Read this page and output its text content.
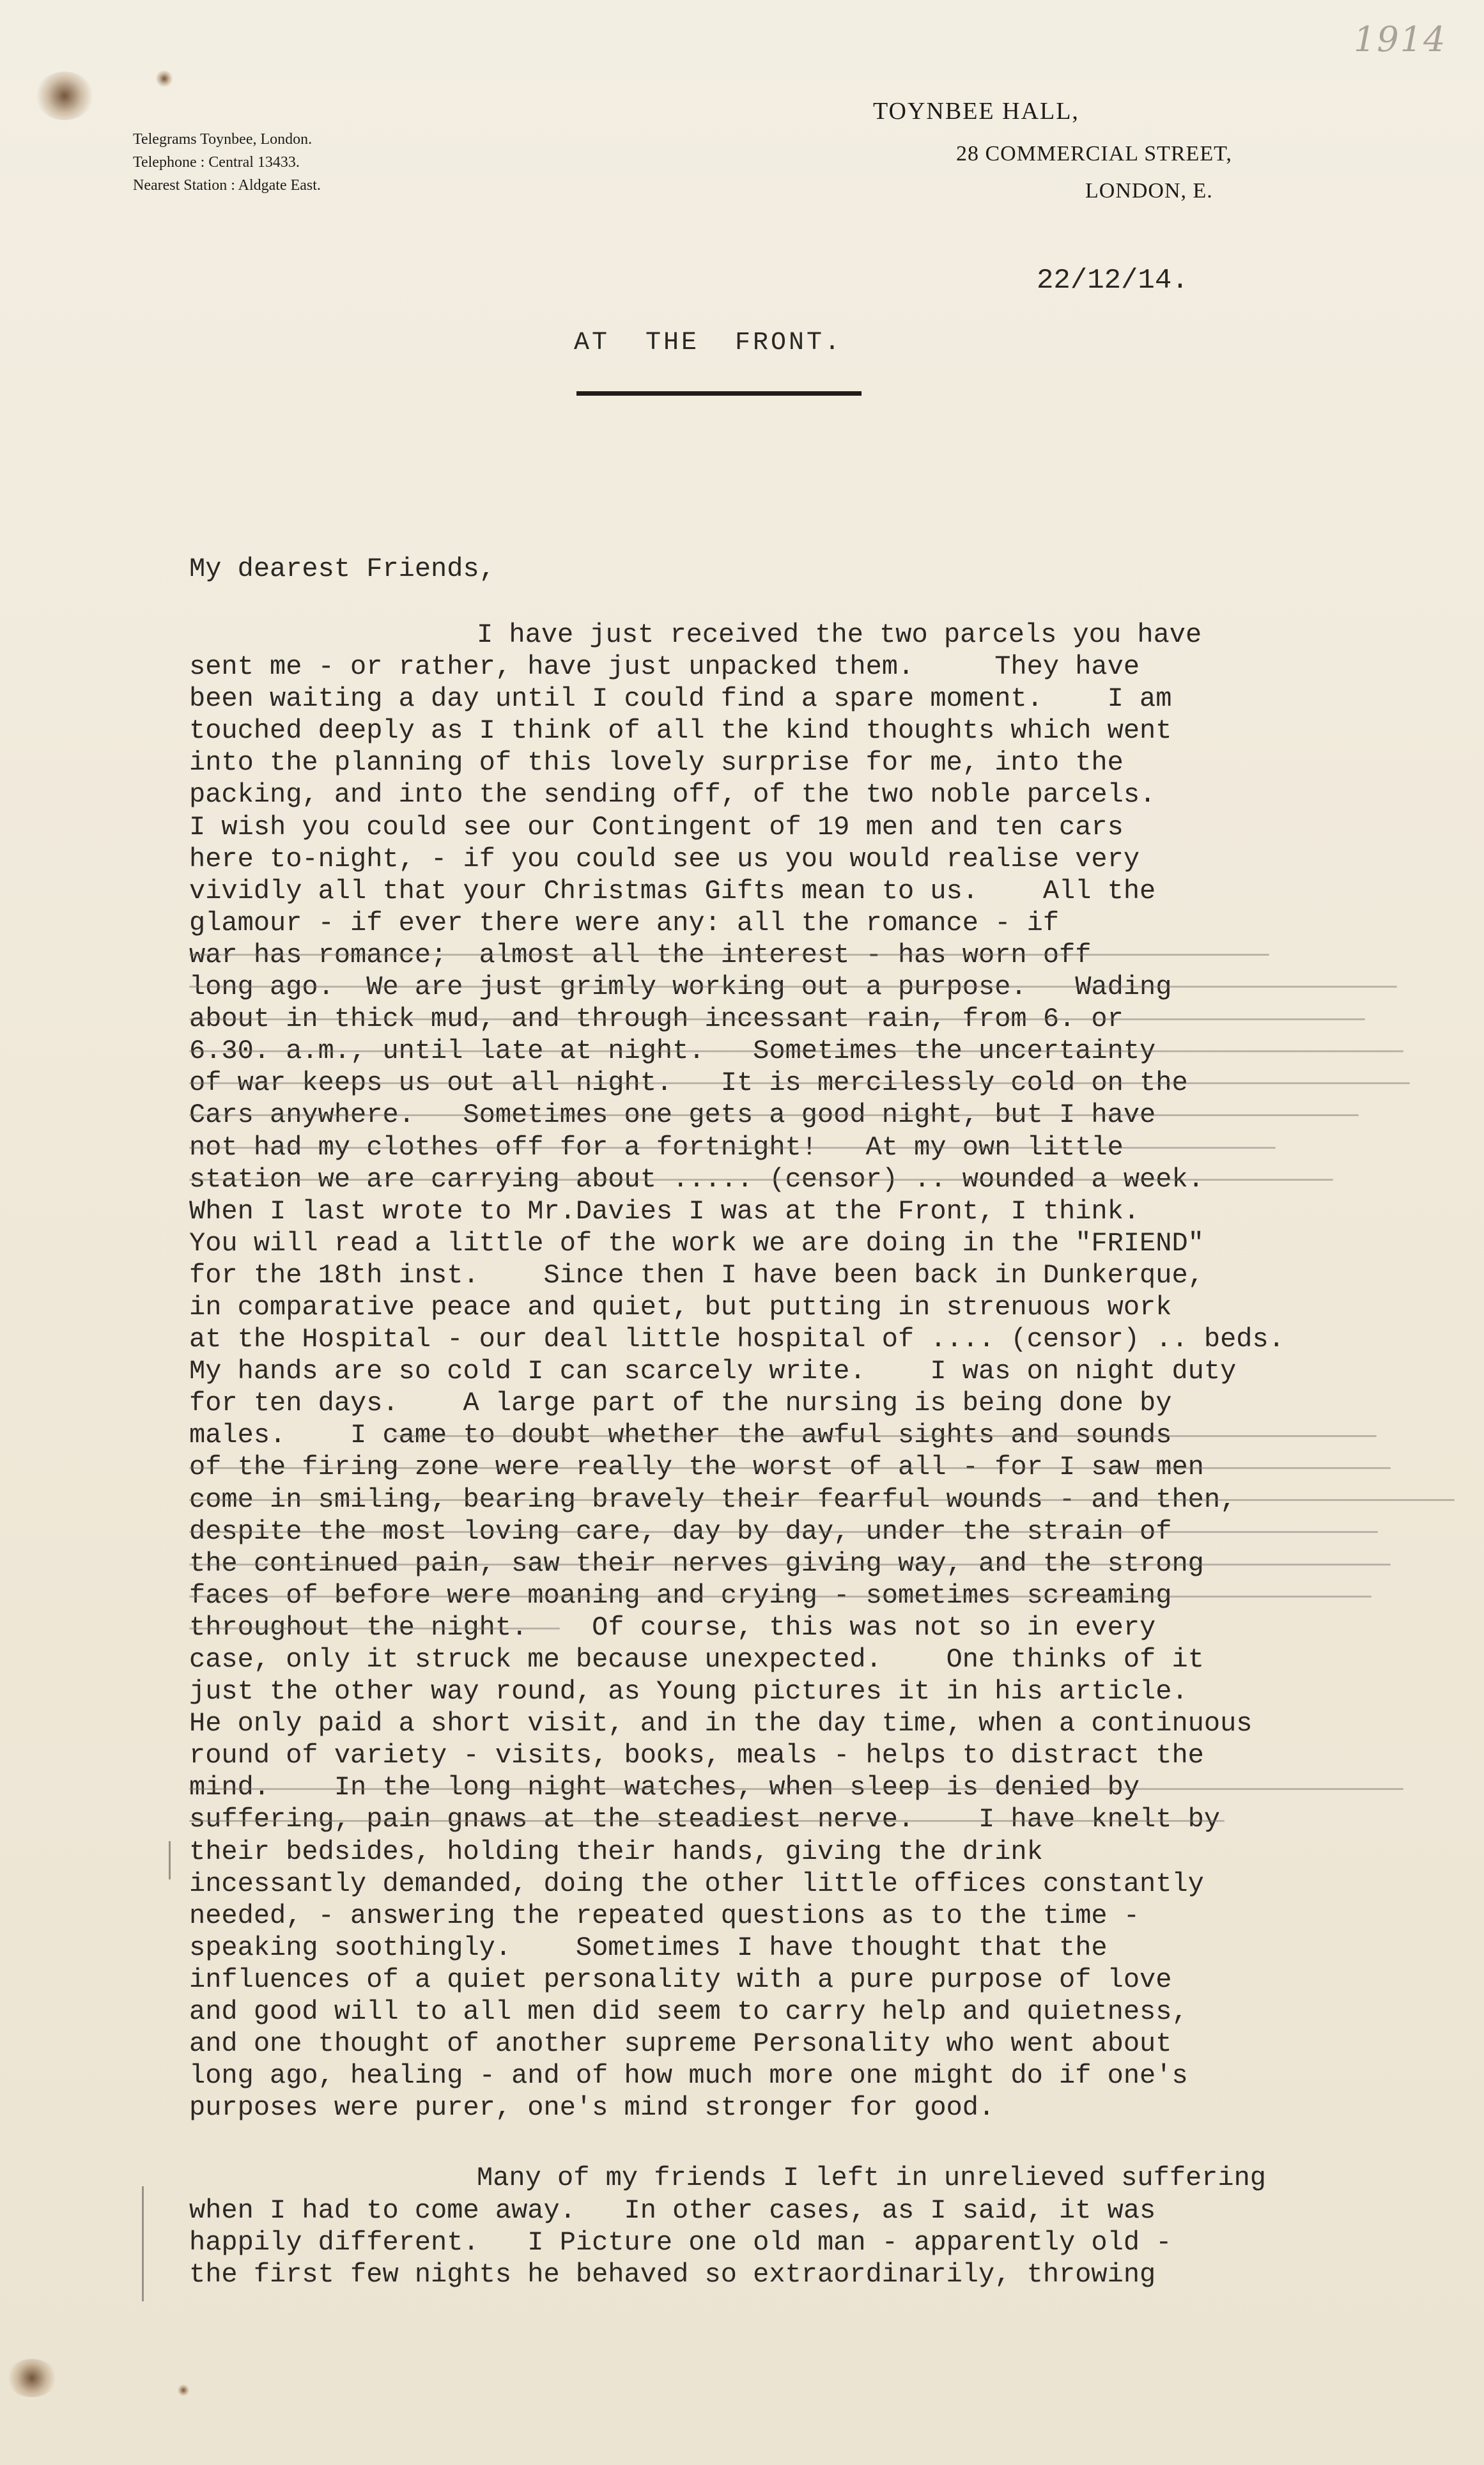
1914
Telegrams Toynbee, London.
Telephone : Central 13433.
Nearest Station : Aldgate East.
TOYNBEE HALL,
28 COMMERCIAL STREET,
LONDON, E.
22/12/14.
AT  THE  FRONT.
My dearest Friends,
I have just received the two parcels you have
sent me - or rather, have just unpacked them.     They have
been waiting a day until I could find a spare moment.    I am
touched deeply as I think of all the kind thoughts which went
into the planning of this lovely surprise for me, into the
packing, and into the sending off, of the two noble parcels.
I wish you could see our Contingent of 19 men and ten cars
here to-night, - if you could see us you would realise very
vividly all that your Christmas Gifts mean to us.    All the
glamour - if ever there were any: all the romance - if
war has romance;  almost all the interest - has worn off
long ago.  We are just grimly working out a purpose.   Wading
about in thick mud, and through incessant rain, from 6. or
6.30. a.m., until late at night.   Sometimes the uncertainty
of war keeps us out all night.   It is mercilessly cold on the
Cars anywhere.   Sometimes one gets a good night, but I have
not had my clothes off for a fortnight!   At my own little
station we are carrying about ..... (censor) .. wounded a week.
When I last wrote to Mr.Davies I was at the Front, I think.
You will read a little of the work we are doing in the "FRIEND"
for the 18th inst.    Since then I have been back in Dunkerque,
in comparative peace and quiet, but putting in strenuous work
at the Hospital - our deal little hospital of .... (censor) .. beds.
My hands are so cold I can scarcely write.    I was on night duty
for ten days.    A large part of the nursing is being done by
males.    I came to doubt whether the awful sights and sounds
of the firing zone were really the worst of all - for I saw men
come in smiling, bearing bravely their fearful wounds - and then,
despite the most loving care, day by day, under the strain of
the continued pain, saw their nerves giving way, and the strong
faces of before were moaning and crying - sometimes screaming
throughout the night.    Of course, this was not so in every
case, only it struck me because unexpected.    One thinks of it
just the other way round, as Young pictures it in his article.
He only paid a short visit, and in the day time, when a continuous
round of variety - visits, books, meals - helps to distract the
mind.    In the long night watches, when sleep is denied by
suffering, pain gnaws at the steadiest nerve.    I have knelt by
their bedsides, holding their hands, giving the drink
incessantly demanded, doing the other little offices constantly
needed, - answering the repeated questions as to the time -
speaking soothingly.    Sometimes I have thought that the
influences of a quiet personality with a pure purpose of love
and good will to all men did seem to carry help and quietness,
and one thought of another supreme Personality who went about
long ago, healing - and of how much more one might do if one's
purposes were purer, one's mind stronger for good.
Many of my friends I left in unrelieved suffering
when I had to come away.   In other cases, as I said, it was
happily different.   I Picture one old man - apparently old -
the first few nights he behaved so extraordinarily, throwing
